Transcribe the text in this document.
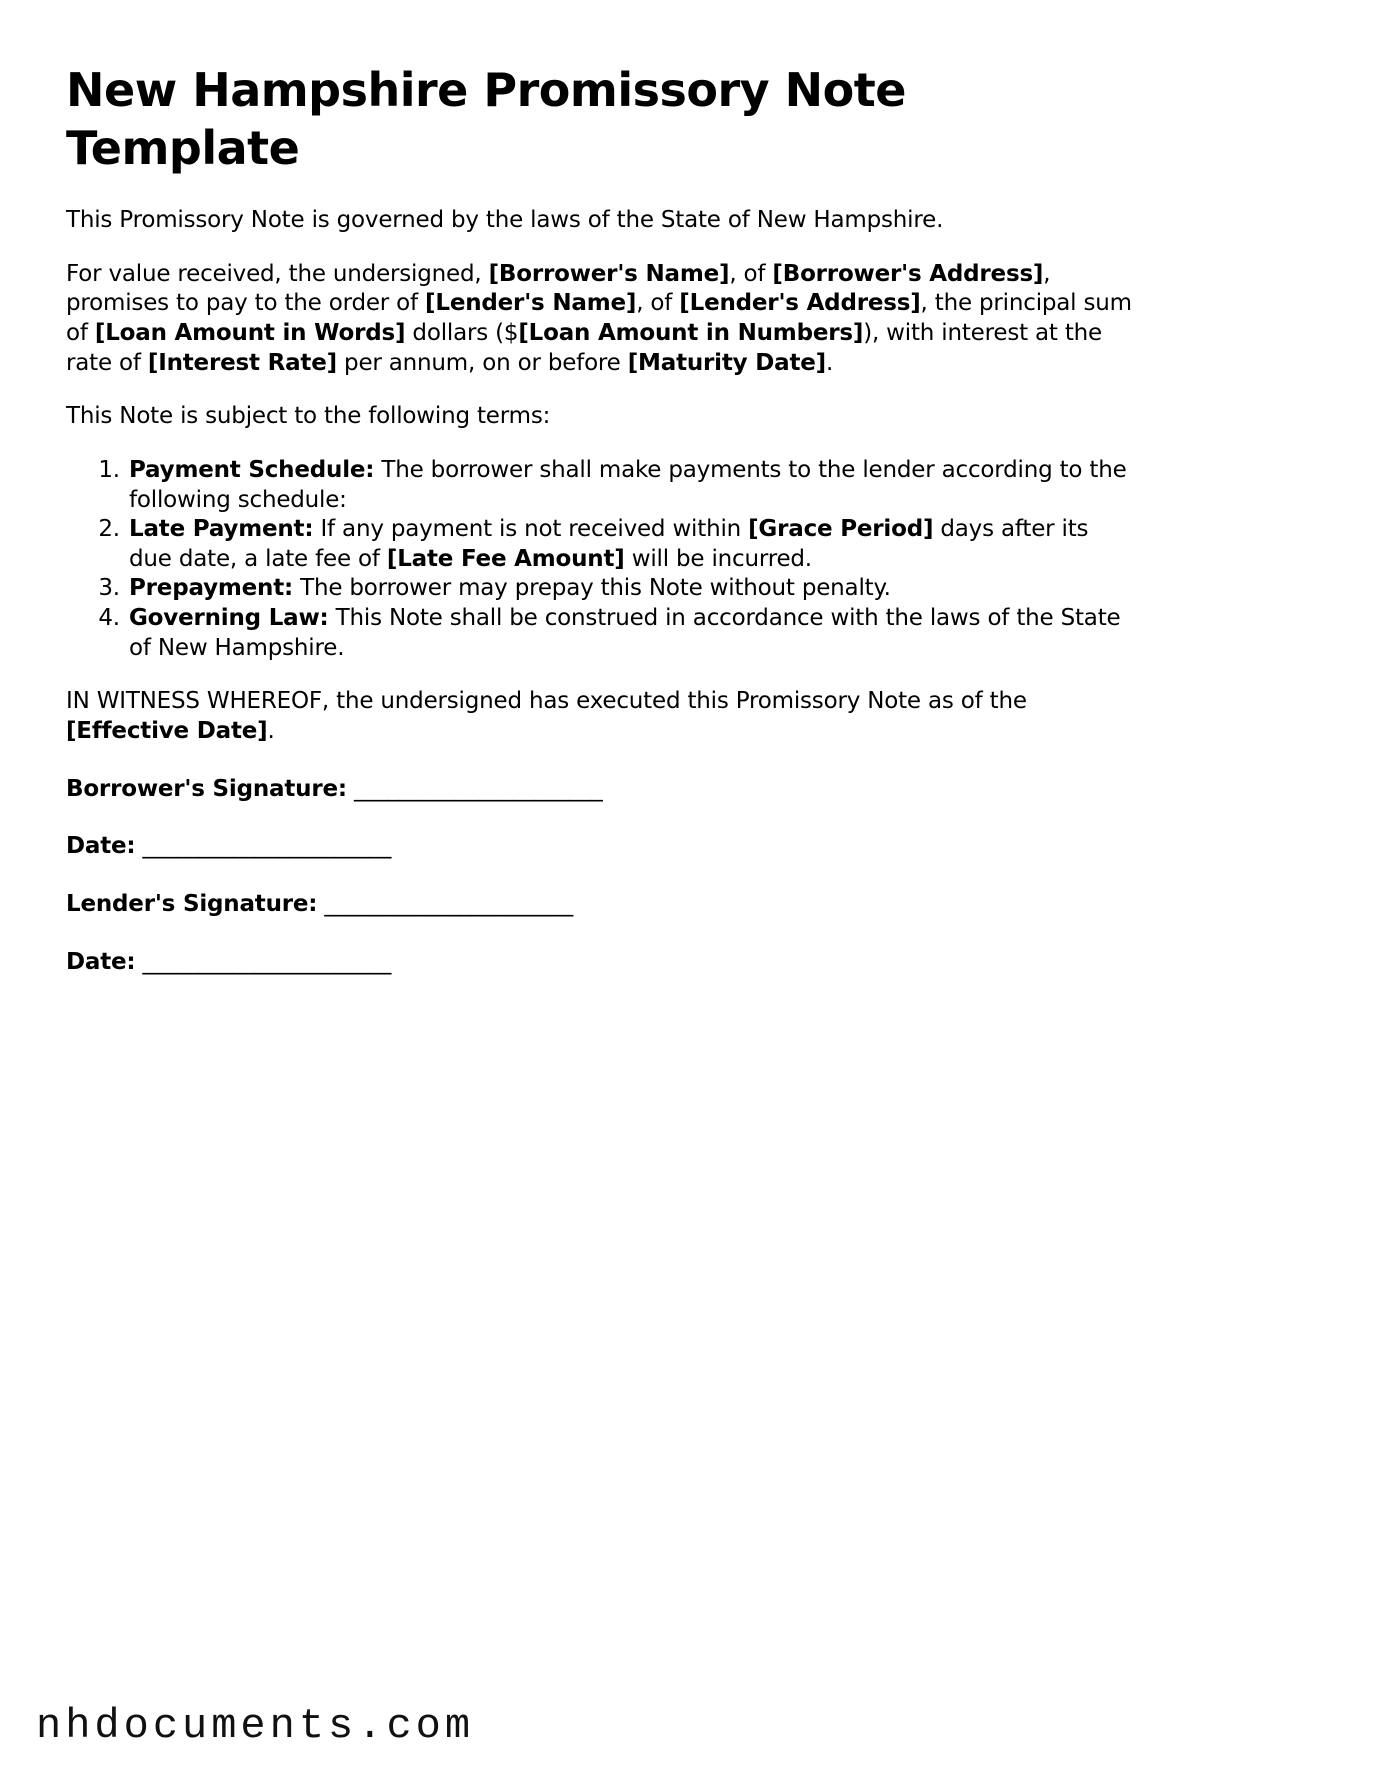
New Hampshire Promissory Note Template

This Promissory Note is governed by the laws of the State of New Hampshire.

For value received, the undersigned, [Borrower's Name], of [Borrower's Address], promises to pay to the order of [Lender's Name], of [Lender's Address], the principal sum of [Loan Amount in Words] dollars ($[Loan Amount in Numbers]), with interest at the rate of [Interest Rate] per annum, on or before [Maturity Date].

This Note is subject to the following terms:

1. Payment Schedule: The borrower shall make payments to the lender according to the following schedule:
2. Late Payment: If any payment is not received within [Grace Period] days after its due date, a late fee of [Late Fee Amount] will be incurred.
3. Prepayment: The borrower may prepay this Note without penalty.
4. Governing Law: This Note shall be construed in accordance with the laws of the State of New Hampshire.

IN WITNESS WHEREOF, the undersigned has executed this Promissory Note as of the [Effective Date].

Borrower's Signature: ______________________

Date: ______________________

Lender's Signature: ______________________

Date: ______________________

nhdocuments.com
